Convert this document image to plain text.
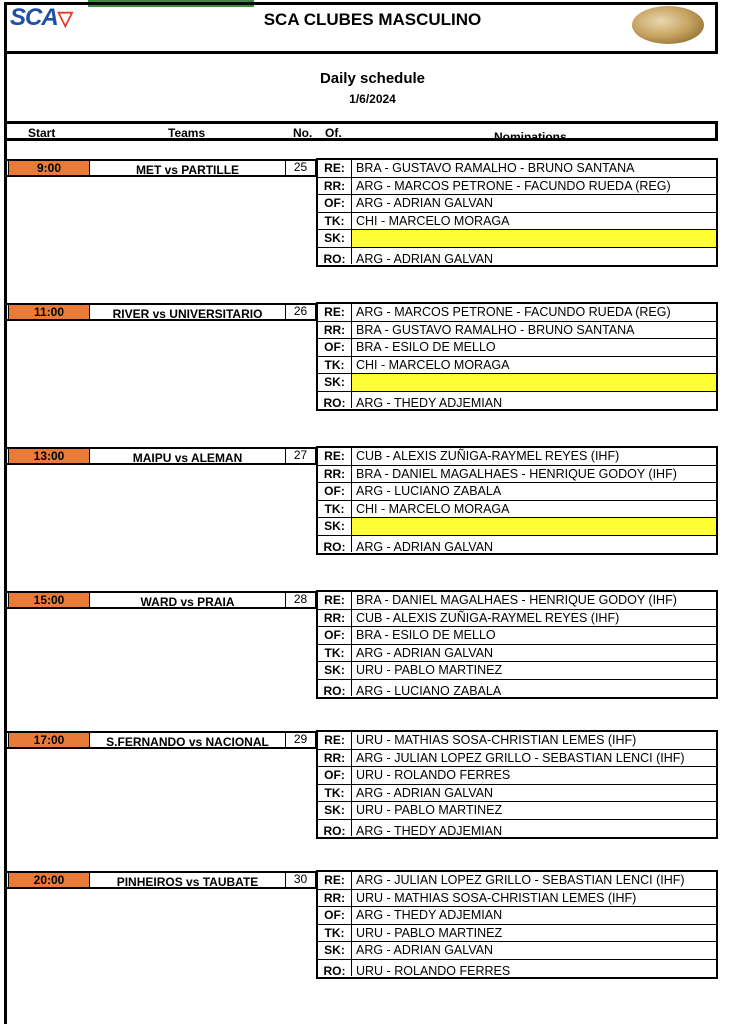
SCA▽	SCA CLUBES MASCULINO
Daily schedule
1/6/2024
Start	Teams	No. Of.	Nominations
9:00	MET vs PARTILLE	25	RE: BRA - GUSTAVO RAMALHO - BRUNO SANTANA
RR: ARG - MARCOS PETRONE - FACUNDO RUEDA (REG)
OF: ARG - ADRIAN GALVAN
TK: CHI - MARCELO MORAGA
SK:
RO: ARG - ADRIAN GALVAN
11:00	RIVER vs UNIVERSITARIO	26	RE: ARG - MARCOS PETRONE - FACUNDO RUEDA (REG)
RR: BRA - GUSTAVO RAMALHO - BRUNO SANTANA
OF: BRA - ESILO DE MELLO
TK: CHI - MARCELO MORAGA
SK:
RO: ARG - THEDY ADJEMIAN
13:00	MAIPU vs ALEMAN	27	RE: CUB - ALEXIS ZUÑIGA-RAYMEL REYES (IHF)
RR: BRA - DANIEL MAGALHAES - HENRIQUE GODOY (IHF)
OF: ARG - LUCIANO ZABALA
TK: CHI - MARCELO MORAGA
SK:
RO: ARG - ADRIAN GALVAN
15:00	WARD vs PRAIA	28	RE: BRA - DANIEL MAGALHAES - HENRIQUE GODOY (IHF)
RR: CUB - ALEXIS ZUÑIGA-RAYMEL REYES (IHF)
OF: BRA - ESILO DE MELLO
TK: ARG - ADRIAN GALVAN
SK: URU - PABLO MARTINEZ
RO: ARG - LUCIANO ZABALA
17:00	S.FERNANDO vs NACIONAL	29	RE: URU - MATHIAS SOSA-CHRISTIAN LEMES (IHF)
RR: ARG - JULIAN LOPEZ GRILLO - SEBASTIAN LENCI (IHF)
OF: URU - ROLANDO FERRES
TK: ARG - ADRIAN GALVAN
SK: URU - PABLO MARTINEZ
RO: ARG - THEDY ADJEMIAN
20:00	PINHEIROS vs TAUBATE	30	RE: ARG - JULIAN LOPEZ GRILLO - SEBASTIAN LENCI (IHF)
RR: URU - MATHIAS SOSA-CHRISTIAN LEMES (IHF)
OF: ARG - THEDY ADJEMIAN
TK: URU - PABLO MARTINEZ
SK: ARG - ADRIAN GALVAN
RO: URU - ROLANDO FERRES
